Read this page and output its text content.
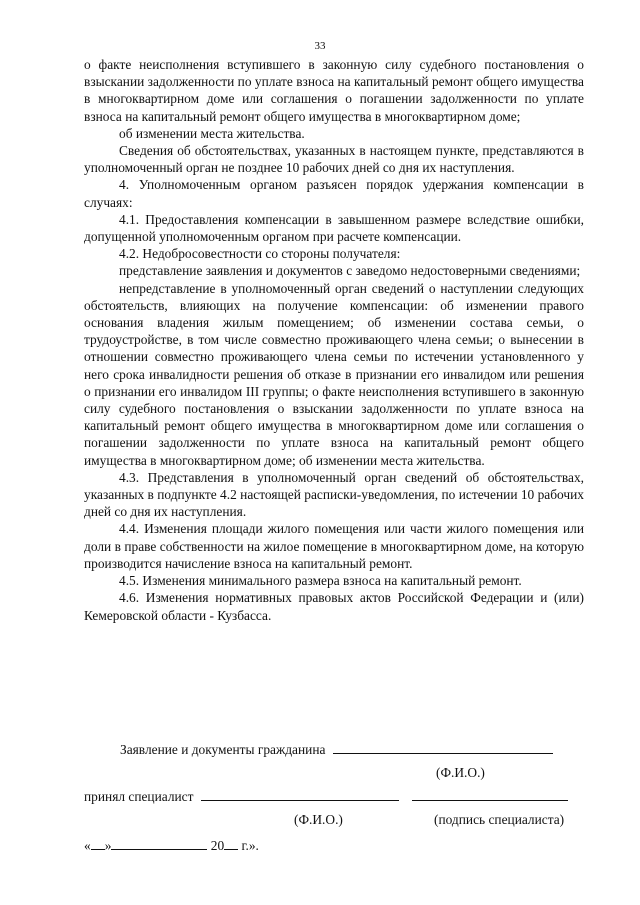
33

о факте неисполнения вступившего в законную силу судебного постановления о взыскании задолженности по уплате взноса на капитальный ремонт общего имущества в многоквартирном доме или соглашения о погашении задолженности по уплате взноса на капитальный ремонт общего имущества в многоквартирном доме;

об изменении места жительства.

Сведения об обстоятельствах, указанных в настоящем пункте, представляются в уполномоченный орган не позднее 10 рабочих дней со дня их наступления.

4. Уполномоченным органом разъясен порядок удержания компенсации в случаях:

4.1. Предоставления компенсации в завышенном размере вследствие ошибки, допущенной уполномоченным органом при расчете компенсации.

4.2. Недобросовестности со стороны получателя:

представление заявления и документов с заведомо недостоверными сведениями;

непредставление в уполномоченный орган сведений о наступлении следующих обстоятельств, влияющих на получение компенсации: об изменении правого основания владения жилым помещением; об изменении состава семьи, о трудоустройстве, в том числе совместно проживающего члена семьи; о вынесении в отношении совместно проживающего члена семьи по истечении установленного у него срока инвалидности решения об отказе в признании его инвалидом или решения о признании его инвалидом III группы; о факте неисполнения вступившего в законную силу судебного постановления о взыскании задолженности по уплате взноса на капитальный ремонт общего имущества в многоквартирном доме или соглашения о погашении задолженности по уплате взноса на капитальный ремонт общего имущества в многоквартирном доме; об изменении места жительства.

4.3. Представления в уполномоченный орган сведений об обстоятельствах, указанных в подпункте 4.2 настоящей расписки-уведомления, по истечении 10 рабочих дней со дня их наступления.

4.4. Изменения площади жилого помещения или части жилого помещения или доли в праве собственности на жилое помещение в многоквартирном доме, на которую производится начисление взноса на капитальный ремонт.

4.5. Изменения минимального размера взноса на капитальный ремонт.

4.6. Изменения нормативных правовых актов Российской Федерации и (или) Кемеровской области - Кузбасса.

Заявление и документы гражданина
(Ф.И.О.)
принял специалист
(Ф.И.О.)	(подпись специалиста)
« »	20 г.».
